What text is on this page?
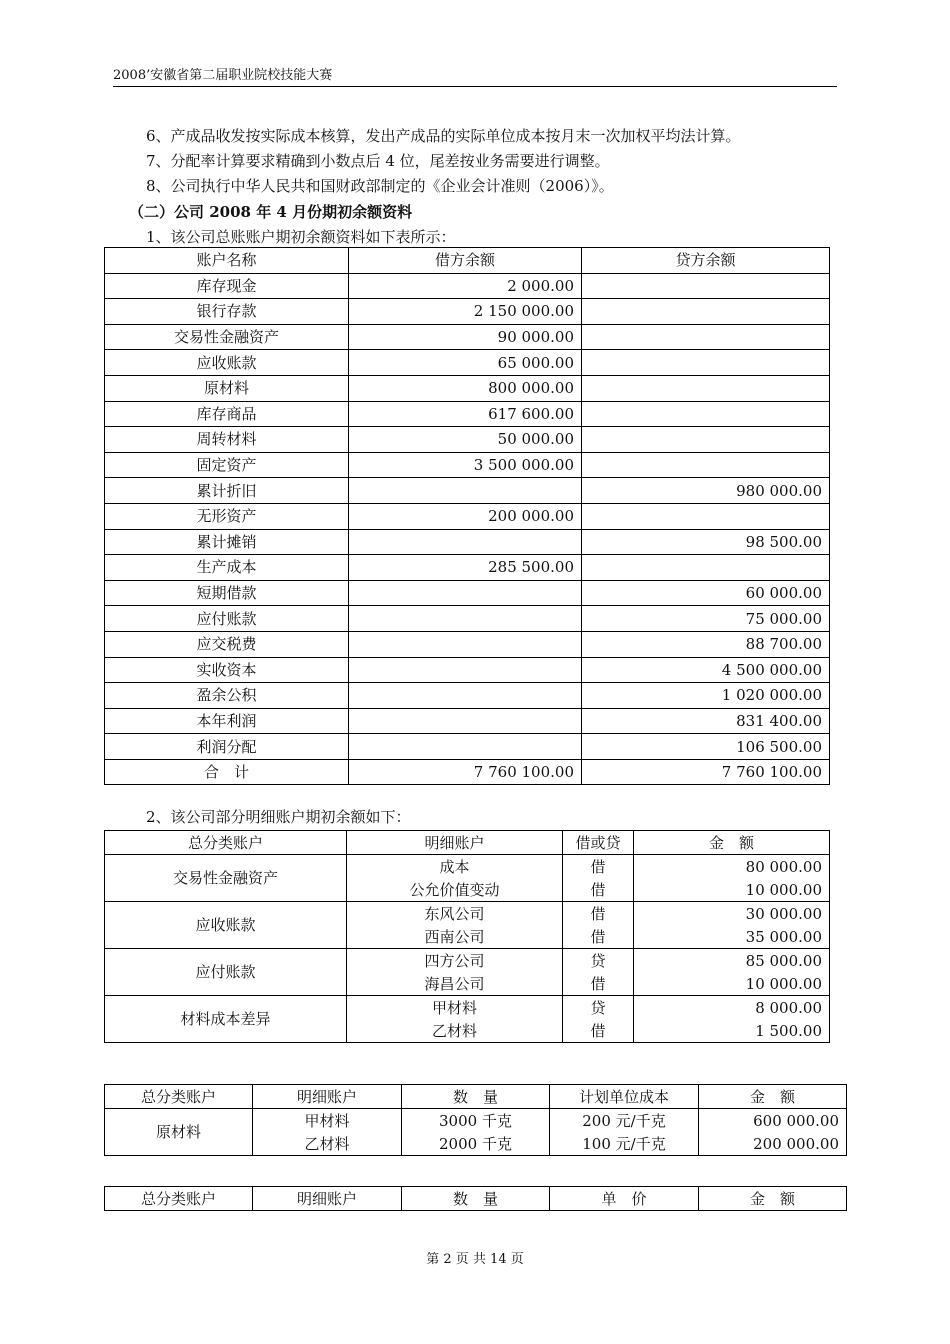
2008’安徽省第二届职业院校技能大赛
6、产成品收发按实际成本核算，发出产成品的实际单位成本按月末一次加权平均法计算。
7、分配率计算要求精确到小数点后 4 位，尾差按业务需要进行调整。
8、公司执行中华人民共和国财政部制定的《企业会计准则（2006）》。
（二）公司 2008 年 4 月份期初余额资料
1、该公司总账账户期初余额资料如下表所示：
账户名称	借方余额	贷方余额
库存现金	2 000.00	
银行存款	2 150 000.00	
交易性金融资产	90 000.00	
应收账款	65 000.00	
原材料	800 000.00	
库存商品	617 600.00	
周转材料	50 000.00	
固定资产	3 500 000.00	
累计折旧		980 000.00
无形资产	200 000.00	
累计摊销		98 500.00
生产成本	285 500.00	
短期借款		60 000.00
应付账款		75 000.00
应交税费		88 700.00
实收资本		4 500 000.00
盈余公积		1 020 000.00
本年利润		831 400.00
利润分配		106 500.00
合　计	7 760 100.00	7 760 100.00
2、该公司部分明细账户期初余额如下：
总分类账户	明细账户	借或贷	金　额
交易性金融资产	成本	借	80 000.00
	公允价值变动	借	10 000.00
应收账款	东风公司	借	30 000.00
	西南公司	借	35 000.00
应付账款	四方公司	贷	85 000.00
	海昌公司	借	10 000.00
材料成本差异	甲材料	贷	8 000.00
	乙材料	借	1 500.00
总分类账户	明细账户	数　量	计划单位成本	金　额
原材料	甲材料	3000 千克	200 元/千克	600 000.00
	乙材料	2000 千克	100 元/千克	200 000.00
总分类账户	明细账户	数　量	单　价	金　额
第 2 页 共 14 页
